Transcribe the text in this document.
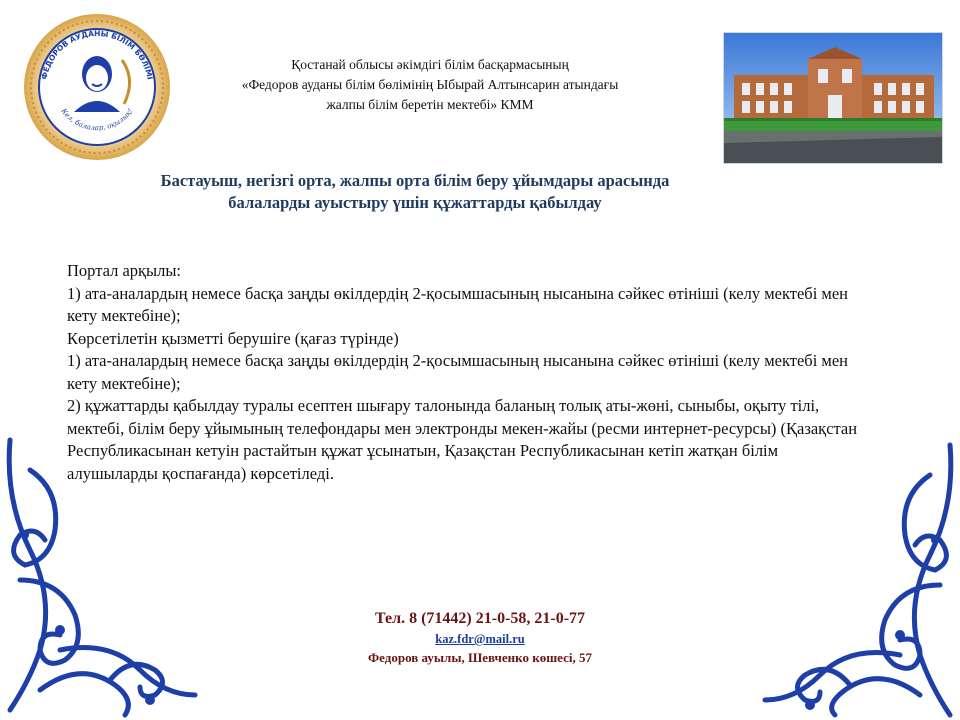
ФЕДОРОВ АУДАНЫ БІЛІМ БӨЛІМІ
Кел, балалар, оқылық!
Қостанай облысы әкімдігі білім басқармасының
«Федоров ауданы білім бөлімінің Ыбырай Алтынсарин атындағы
жалпы білім беретін мектебі» КММ
Бастауыш, негізгі орта, жалпы орта білім беру ұйымдары арасында
балаларды ауыстыру үшін құжаттарды қабылдау

Портал арқылы:

1) ата-аналардың немесе басқа заңды өкілдердің 2-қосымшасының нысанына сәйкес өтініші (келу мектебі мен кету мектебіне);

Көрсетілетін қызметті берушіге (қағаз түрінде)

1) ата-аналардың немесе басқа заңды өкілдердің 2-қосымшасының нысанына сәйкес өтініші (келу мектебі мен кету мектебіне);

2) құжаттарды қабылдау туралы есептен шығару талонында баланың толық аты-жөні, сыныбы, оқыту тілі, мектебі, білім беру ұйымының телефондары мен электронды мекен-жайы (ресми интернет-ресурсы) (Қазақстан Республикасынан кетуін растайтын құжат ұсынатын, Қазақстан Республикасынан кетіп жатқан білім алушыларды қоспағанда) көрсетіледі.

Тел. 8 (71442) 21-0-58, 21-0-77
kaz.fdr@mail.ru
Федоров ауылы, Шевченко көшесі, 57
